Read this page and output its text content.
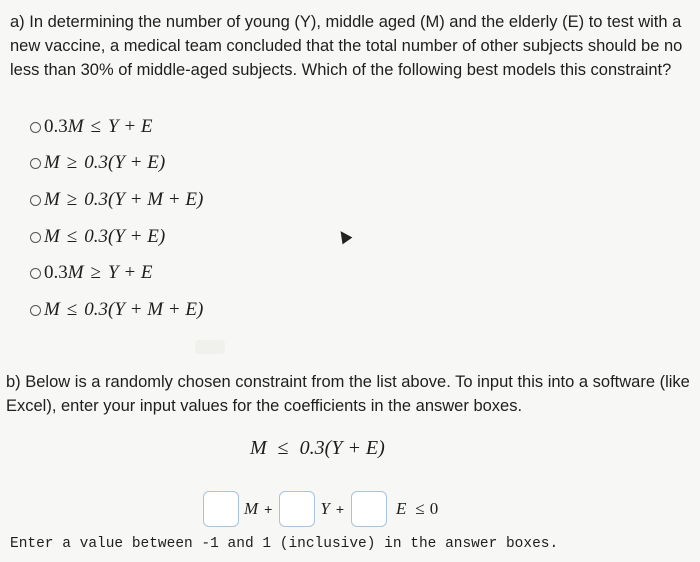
a) In determining the number of young (Y), middle aged (M) and the elderly (E) to test with a new vaccine, a medical team concluded that the total number of other subjects should be no less than 30% of middle-aged subjects. Which of the following best models this constraint?
0.3 M ≤ Y + E
M ≥ 0.3(Y + E)
M ≥ 0.3(Y + M + E)
M ≤ 0.3(Y + E)
0.3 M ≥ Y + E
M ≤ 0.3(Y + M + E)
b) Below is a randomly chosen constraint from the list above. To input this into a software (like Excel), enter your input values for the coefficients in the answer boxes.
M ≤ 0.3(Y + E)
M +	Y +	E ≤ 0
Enter a value between -1 and 1 (inclusive) in the answer boxes.
